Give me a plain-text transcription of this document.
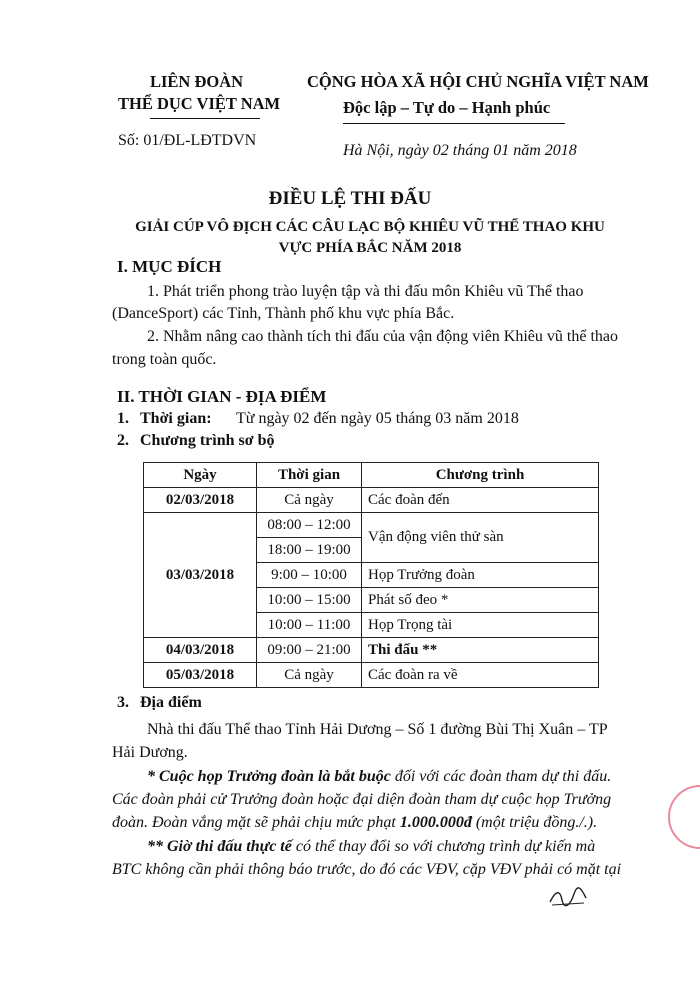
LIÊN ĐOÀN
THỂ DỤC VIỆT NAM
Số: 01/ĐL-LĐTDVN
CỘNG HÒA XÃ HỘI CHỦ NGHĨA VIỆT NAM
Độc lập – Tự do – Hạnh phúc
Hà Nội, ngày 02 tháng 01 năm 2018
ĐIỀU LỆ THI ĐẤU
GIẢI CÚP VÔ ĐỊCH CÁC CÂU LẠC BỘ KHIÊU VŨ THỂ THAO KHU
VỰC PHÍA BẮC NĂM 2018
I. MỤC ĐÍCH
1. Phát triển phong trào luyện tập và thi đấu môn Khiêu vũ Thể thao
(DanceSport) các Tỉnh, Thành phố khu vực phía Bắc.
2. Nhằm nâng cao thành tích thi đấu của vận động viên Khiêu vũ thể thao
trong toàn quốc.
II. THỜI GIAN - ĐỊA ĐIỂM
1. Thời gian: Từ ngày 02 đến ngày 05 tháng 03 năm 2018
2. Chương trình sơ bộ
Ngày	Thời gian	Chương trình
02/03/2018	Cả ngày	Các đoàn đến
03/03/2018	08:00 – 12:00	Vận động viên thử sàn
	18:00 – 19:00	
	9:00 – 10:00	Họp Trưởng đoàn
	10:00 – 15:00	Phát số đeo *
	10:00 – 11:00	Họp Trọng tài
04/03/2018	09:00 – 21:00	Thi đấu **
05/03/2018	Cả ngày	Các đoàn ra về
3. Địa điểm
Nhà thi đấu Thể thao Tỉnh Hải Dương – Số 1 đường Bùi Thị Xuân – TP
Hải Dương.
* Cuộc họp Trưởng đoàn là bắt buộc đối với các đoàn tham dự thi đấu.
Các đoàn phải cử Trưởng đoàn hoặc đại diện đoàn tham dự cuộc họp Trưởng
đoàn. Đoàn vắng mặt sẽ phải chịu mức phạt 1.000.000đ (một triệu đồng./.).
** Giờ thi đấu thực tế có thể thay đổi so với chương trình dự kiến mà
BTC không cần phải thông báo trước, do đó các VĐV, cặp VĐV phải có mặt tại
